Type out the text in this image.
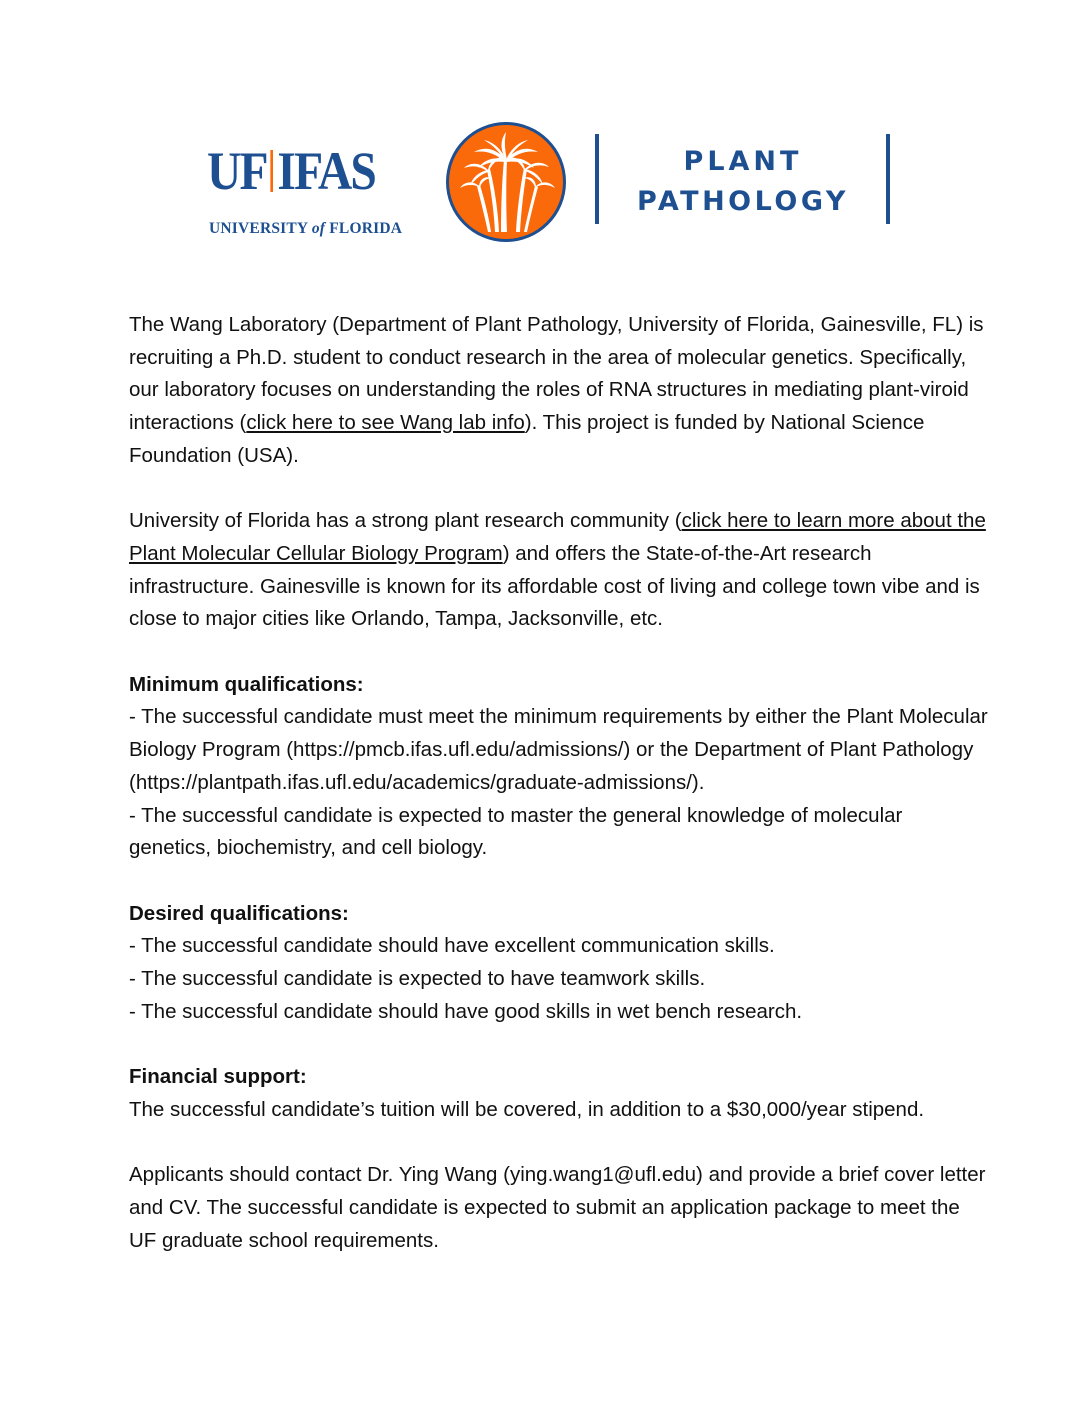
UF IFAS
UNIVERSITY of FLORIDA
PLANT
PATHOLOGY

The Wang Laboratory (Department of Plant Pathology, University of Florida, Gainesville, FL) is recruiting a Ph.D. student to conduct research in the area of molecular genetics. Specifically, our laboratory focuses on understanding the roles of RNA structures in mediating plant-viroid interactions (click here to see Wang lab info). This project is funded by National Science Foundation (USA).

University of Florida has a strong plant research community (click here to learn more about the Plant Molecular Cellular Biology Program) and offers the State-of-the-Art research infrastructure. Gainesville is known for its affordable cost of living and college town vibe and is close to major cities like Orlando, Tampa, Jacksonville, etc.

Minimum qualifications:

- The successful candidate must meet the minimum requirements by either the Plant Molecular Biology Program (https://pmcb.ifas.ufl.edu/admissions/) or the Department of Plant Pathology (https://plantpath.ifas.ufl.edu/academics/graduate-admissions/).

- The successful candidate is expected to master the general knowledge of molecular genetics, biochemistry, and cell biology.

Desired qualifications:

- The successful candidate should have excellent communication skills.

- The successful candidate is expected to have teamwork skills.

- The successful candidate should have good skills in wet bench research.

Financial support:

The successful candidate’s tuition will be covered, in addition to a $30,000/year stipend.

Applicants should contact Dr. Ying Wang (ying.wang1@ufl.edu) and provide a brief cover letter and CV. The successful candidate is expected to submit an application package to meet the UF graduate school requirements.
